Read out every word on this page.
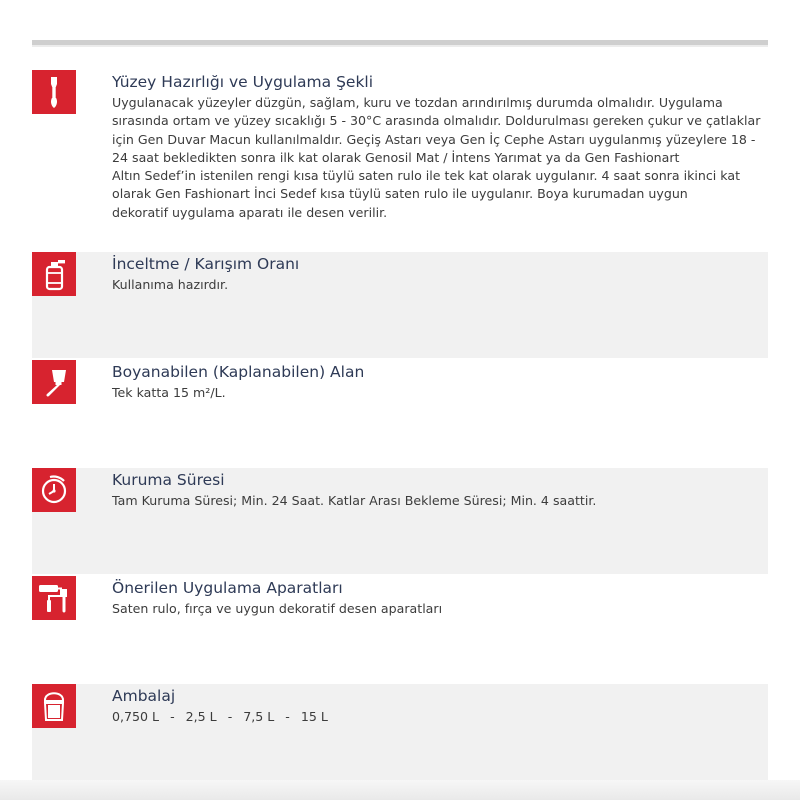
Yüzey Hazırlığı ve Uygulama Şekli
Uygulanacak yüzeyler düzgün, sağlam, kuru ve tozdan arındırılmış durumda olmalıdır. Uygulama
sırasında ortam ve yüzey sıcaklığı 5 - 30°C arasında olmalıdır. Doldurulması gereken çukur ve çatlaklar
için Gen Duvar Macun kullanılmaldır. Geçiş Astarı veya Gen İç Cephe Astarı uygulanmış yüzeylere 18 -
24 saat bekledikten sonra ilk kat olarak Genosil Mat / İntens Yarımat ya da Gen Fashionart
Altın Sedef’in istenilen rengi kısa tüylü saten rulo ile tek kat olarak uygulanır. 4 saat sonra ikinci kat
olarak Gen Fashionart İnci Sedef kısa tüylü saten rulo ile uygulanır. Boya kurumadan uygun
dekoratif uygulama aparatı ile desen verilir.
İnceltme / Karışım Oranı
Kullanıma hazırdır.
Boyanabilen (Kaplanabilen) Alan
Tek katta 15 m²/L.
Kuruma Süresi
Tam Kuruma Süresi; Min. 24 Saat. Katlar Arası Bekleme Süresi; Min. 4 saattir.
Önerilen Uygulama Aparatları
Saten rulo, fırça ve uygun dekoratif desen aparatları
Ambalaj
0,750 L - 2,5 L - 7,5 L - 15 L
